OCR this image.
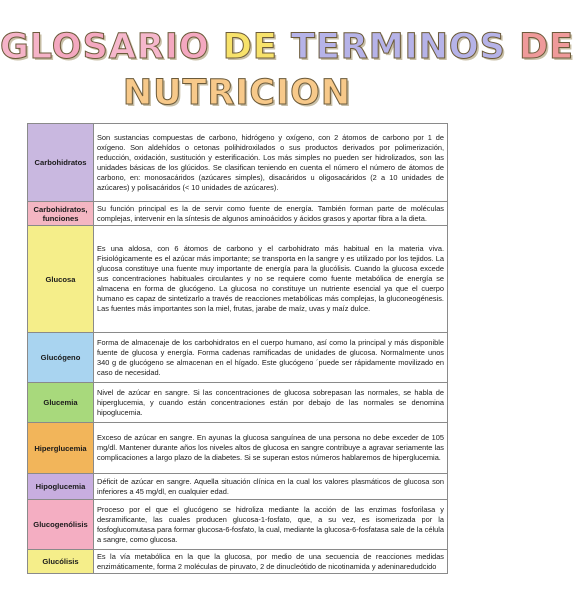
GLOSARIO DE TERMINOS DE
NUTRICION
Carbohidratos	Son sustancias compuestas de carbono, hidrógeno y oxígeno, con 2 átomos de carbono por 1 de oxígeno. Son aldehídos o cetonas polihidroxilados o sus productos derivados por polimerización, reducción, oxidación, sustitución y esterificación. Los más simples no pueden ser hidrolizados, son las unidades básicas de los glúcidos. Se clasifican teniendo en cuenta el número el número de átomos de carbono, en: monosacáridos (azúcares simples), disacáridos u oligosacáridos (2 a 10 unidades de azúcares) y polisacáridos (< 10 unidades de azúcares).
Carbohidratos, funciones	Su función principal es la de servir como fuente de energía. También forman parte de moléculas complejas, intervenir en la síntesis de algunos aminoácidos y ácidos grasos y aportar fibra a la dieta.
Glucosa	Es una aldosa, con 6 átomos de carbono y el carbohidrato más habitual en la materia viva. Fisiológicamente es el azúcar más importante; se transporta en la sangre y es utilizado por los tejidos. La glucosa constituye una fuente muy importante de energía para la glucólisis. Cuando la glucosa excede sus concentraciones habituales circulantes y no se requiere como fuente metabólica de energía se almacena en forma de glucógeno. La glucosa no constituye un nutriente esencial ya que el cuerpo humano es capaz de sintetizarlo a través de reacciones metabólicas más complejas, la gluconeogénesis. Las fuentes más importantes son la miel, frutas, jarabe de maíz, uvas y maíz dulce.
Glucógeno	Forma de almacenaje de los carbohidratos en el cuerpo humano, así como la principal y más disponible fuente de glucosa y energía. Forma cadenas ramificadas de unidades de glucosa. Normalmente unos 340 g de glucógeno se almacenan en el hígado. Este glucógeno ´puede ser rápidamente movilizado en caso de necesidad.
Glucemia	Nivel de azúcar en sangre. Si las concentraciones de glucosa sobrepasan las normales, se habla de hiperglucemia, y cuando están concentraciones están por debajo de las normales se denomina hipoglucemia.
Hiperglucemia	Exceso de azúcar en sangre. En ayunas la glucosa sanguínea de una persona no debe exceder de 105 mg/dl. Mantener durante años los niveles altos de glucosa en sangre contribuye a agravar seriamente las complicaciones a largo plazo de la diabetes. Si se superan estos números hablaremos de hiperglucemia.
Hipoglucemia	Déficit de azúcar en sangre. Aquella situación clínica en la cual los valores plasmáticos de glucosa son inferiores a 45 mg/dl, en cualquier edad.
Glucogenólisis	Proceso por el que el glucógeno se hidroliza mediante la acción de las enzimas fosforilasa y desramificante, las cuales producen glucosa-1-fosfato, que, a su vez, es isomerizada por la fosfoglucomutasa para formar glucosa-6-fosfato, la cual, mediante la glucosa-6-fosfatasa sale de la célula a sangre, como glucosa.
Glucólisis	Es la vía metabólica en la que la glucosa, por medio de una secuencia de reacciones medidas enzimáticamente, forma 2 moléculas de piruvato, 2 de dinucleótido de nicotinamida y adeninaredudcido
